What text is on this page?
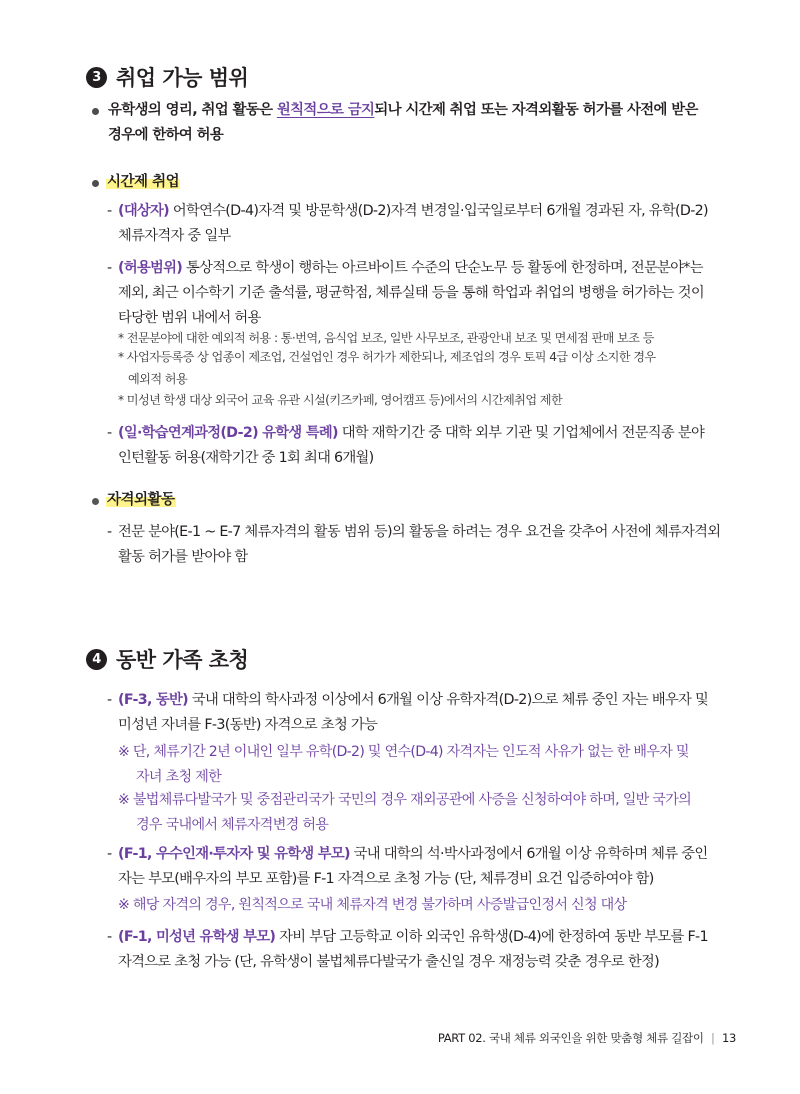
3 취업 가능 범위
유학생의 영리, 취업 활동은 원칙적으로 금지되나 시간제 취업 또는 자격외활동 허가를 사전에 받은
경우에 한하여 허용
시간제 취업
- (대상자) 어학연수(D-4)자격 및 방문학생(D-2)자격 변경일·입국일로부터 6개월 경과된 자, 유학(D-2)
체류자격자 중 일부
- (허용범위) 통상적으로 학생이 행하는 아르바이트 수준의 단순노무 등 활동에 한정하며, 전문분야*는
제외, 최근 이수학기 기준 출석률, 평균학점, 체류실태 등을 통해 학업과 취업의 병행을 허가하는 것이
타당한 범위 내에서 허용
* 전문분야에 대한 예외적 허용 : 통·번역, 음식업 보조, 일반 사무보조, 관광안내 보조 및 면세점 판매 보조 등
* 사업자등록증 상 업종이 제조업, 건설업인 경우 허가가 제한되나, 제조업의 경우 토픽 4급 이상 소지한 경우
예외적 허용
* 미성년 학생 대상 외국어 교육 유관 시설(키즈카페, 영어캠프 등)에서의 시간제취업 제한
- (일·학습연계과정(D-2) 유학생 특례) 대학 재학기간 중 대학 외부 기관 및 기업체에서 전문직종 분야
인턴활동 허용(재학기간 중 1회 최대 6개월)
자격외활동
- 전문 분야(E-1 ~ E-7 체류자격의 활동 범위 등)의 활동을 하려는 경우 요건을 갖추어 사전에 체류자격외
활동 허가를 받아야 함
4 동반 가족 초청
- (F-3, 동반) 국내 대학의 학사과정 이상에서 6개월 이상 유학자격(D-2)으로 체류 중인 자는 배우자 및
미성년 자녀를 F-3(동반) 자격으로 초청 가능
※ 단, 체류기간 2년 이내인 일부 유학(D-2) 및 연수(D-4) 자격자는 인도적 사유가 없는 한 배우자 및
자녀 초청 제한
※ 불법체류다발국가 및 중점관리국가 국민의 경우 재외공관에 사증을 신청하여야 하며, 일반 국가의
경우 국내에서 체류자격변경 허용
- (F-1, 우수인재·투자자 및 유학생 부모) 국내 대학의 석·박사과정에서 6개월 이상 유학하며 체류 중인
자는 부모(배우자의 부모 포함)를 F-1 자격으로 초청 가능 (단, 체류경비 요건 입증하여야 함)
※ 해당 자격의 경우, 원칙적으로 국내 체류자격 변경 불가하며 사증발급인정서 신청 대상
- (F-1, 미성년 유학생 부모) 자비 부담 고등학교 이하 외국인 유학생(D-4)에 한정하여 동반 부모를 F-1
자격으로 초청 가능 (단, 유학생이 불법체류다발국가 출신일 경우 재정능력 갖춘 경우로 한정)
PART 02. 국내 체류 외국인을 위한 맞춤형 체류 길잡이 | 13
